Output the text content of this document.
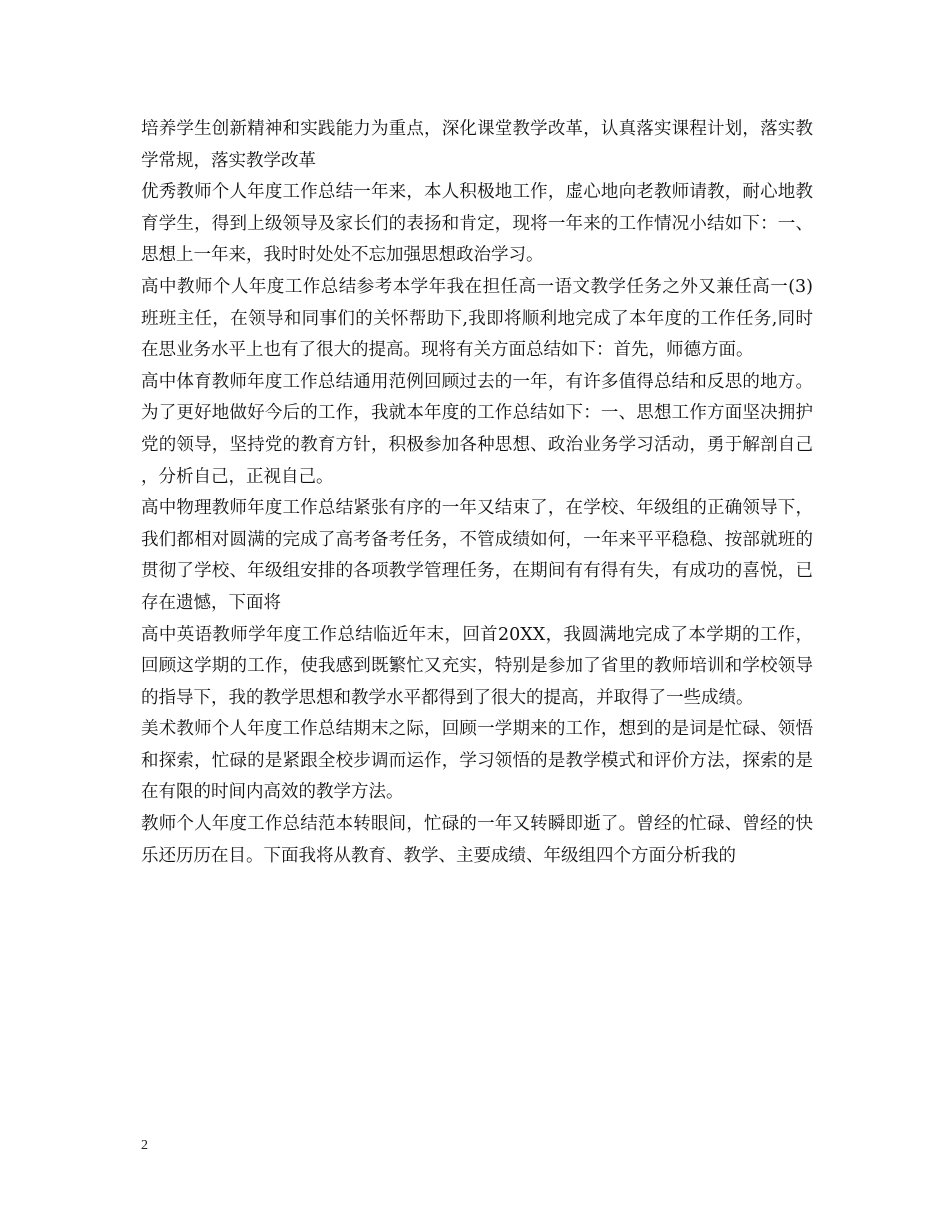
培养学生创新精神和实践能力为重点，深化课堂教学改革，认真落实课程计划，落实教学常规，落实教学改革

优秀教师个人年度工作总结一年来，本人积极地工作，虚心地向老教师请教，耐心地教育学生，得到上级领导及家长们的表扬和肯定，现将一年来的工作情况小结如下：一、思想上一年来，我时时处处不忘加强思想政治学习。

高中教师个人年度工作总结参考本学年我在担任高一语文教学任务之外又兼任高一(3)班班主任，在领导和同事们的关怀帮助下,我即将顺利地完成了本年度的工作任务,同时在思业务水平上也有了很大的提高。现将有关方面总结如下：首先，师德方面。

高中体育教师年度工作总结通用范例回顾过去的一年，有许多值得总结和反思的地方。为了更好地做好今后的工作，我就本年度的工作总结如下：一、思想工作方面坚决拥护党的领导，坚持党的教育方针，积极参加各种思想、政治业务学习活动，勇于解剖自己，分析自己，正视自己。

高中物理教师年度工作总结紧张有序的一年又结束了，在学校、年级组的正确领导下，我们都相对圆满的完成了高考备考任务，不管成绩如何，一年来平平稳稳、按部就班的贯彻了学校、年级组安排的各项教学管理任务，在期间有有得有失，有成功的喜悦，已存在遗憾，下面将

高中英语教师学年度工作总结临近年末，回首20XX，我圆满地完成了本学期的工作，回顾这学期的工作，使我感到既繁忙又充实，特别是参加了省里的教师培训和学校领导的指导下，我的教学思想和教学水平都得到了很大的提高，并取得了一些成绩。

美术教师个人年度工作总结期末之际，回顾一学期来的工作，想到的是词是忙碌、领悟和探索，忙碌的是紧跟全校步调而运作，学习领悟的是教学模式和评价方法，探索的是在有限的时间内高效的教学方法。

教师个人年度工作总结范本转眼间，忙碌的一年又转瞬即逝了。曾经的忙碌、曾经的快乐还历历在目。下面我将从教育、教学、主要成绩、年级组四个方面分析我的

2
